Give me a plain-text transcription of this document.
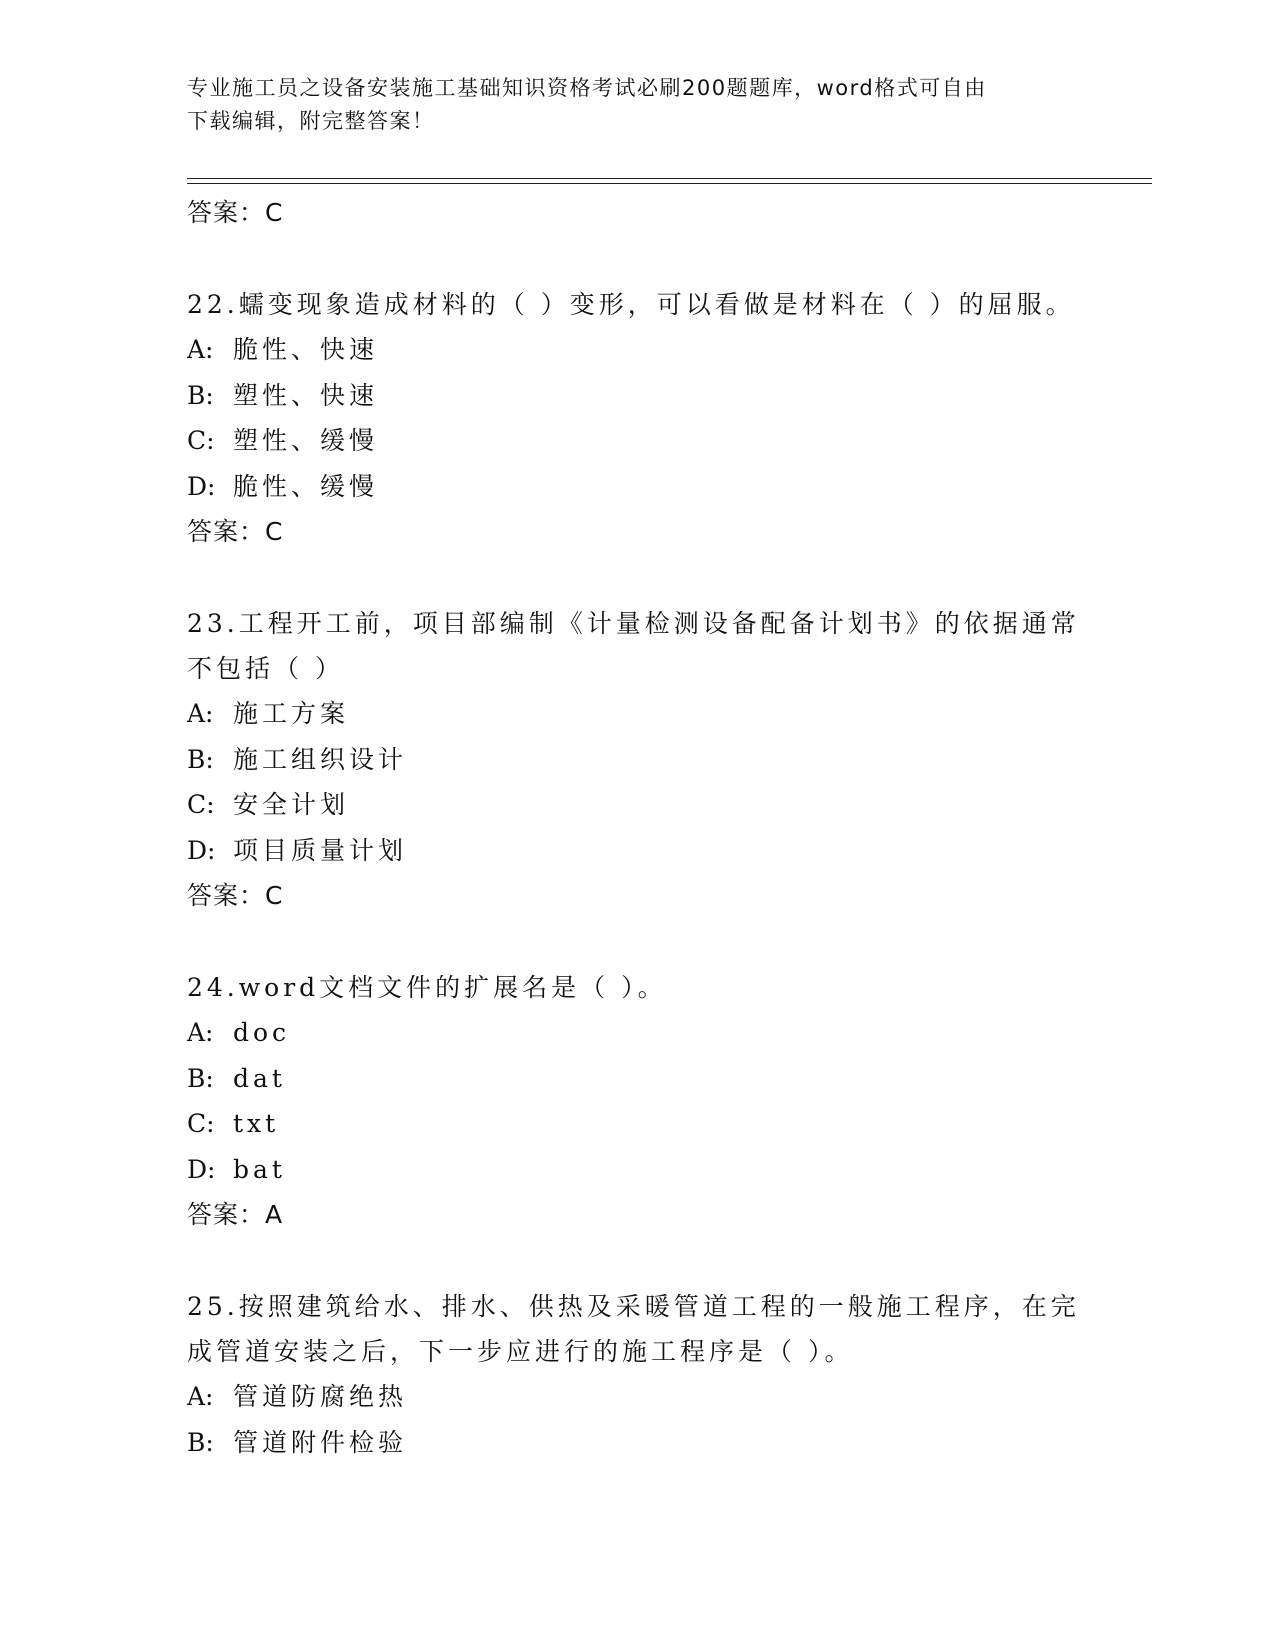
专业施工员之设备安装施工基础知识资格考试必刷200题题库，word格式可自由
下载编辑，附完整答案！
答案：C
22.蠕变现象造成材料的（ ）变形，可以看做是材料在（ ）的屈服。
A: 脆性、快速
B: 塑性、快速
C: 塑性、缓慢
D: 脆性、缓慢
答案：C
23.工程开工前，项目部编制《计量检测设备配备计划书》的依据通常
不包括（ ）
A: 施工方案
B: 施工组织设计
C: 安全计划
D: 项目质量计划
答案：C
24.word文档文件的扩展名是（ ）。
A: doc
B: dat
C: txt
D: bat
答案：A
25.按照建筑给水、排水、供热及采暖管道工程的一般施工程序，在完
成管道安装之后，下一步应进行的施工程序是（ ）。
A: 管道防腐绝热
B: 管道附件检验
